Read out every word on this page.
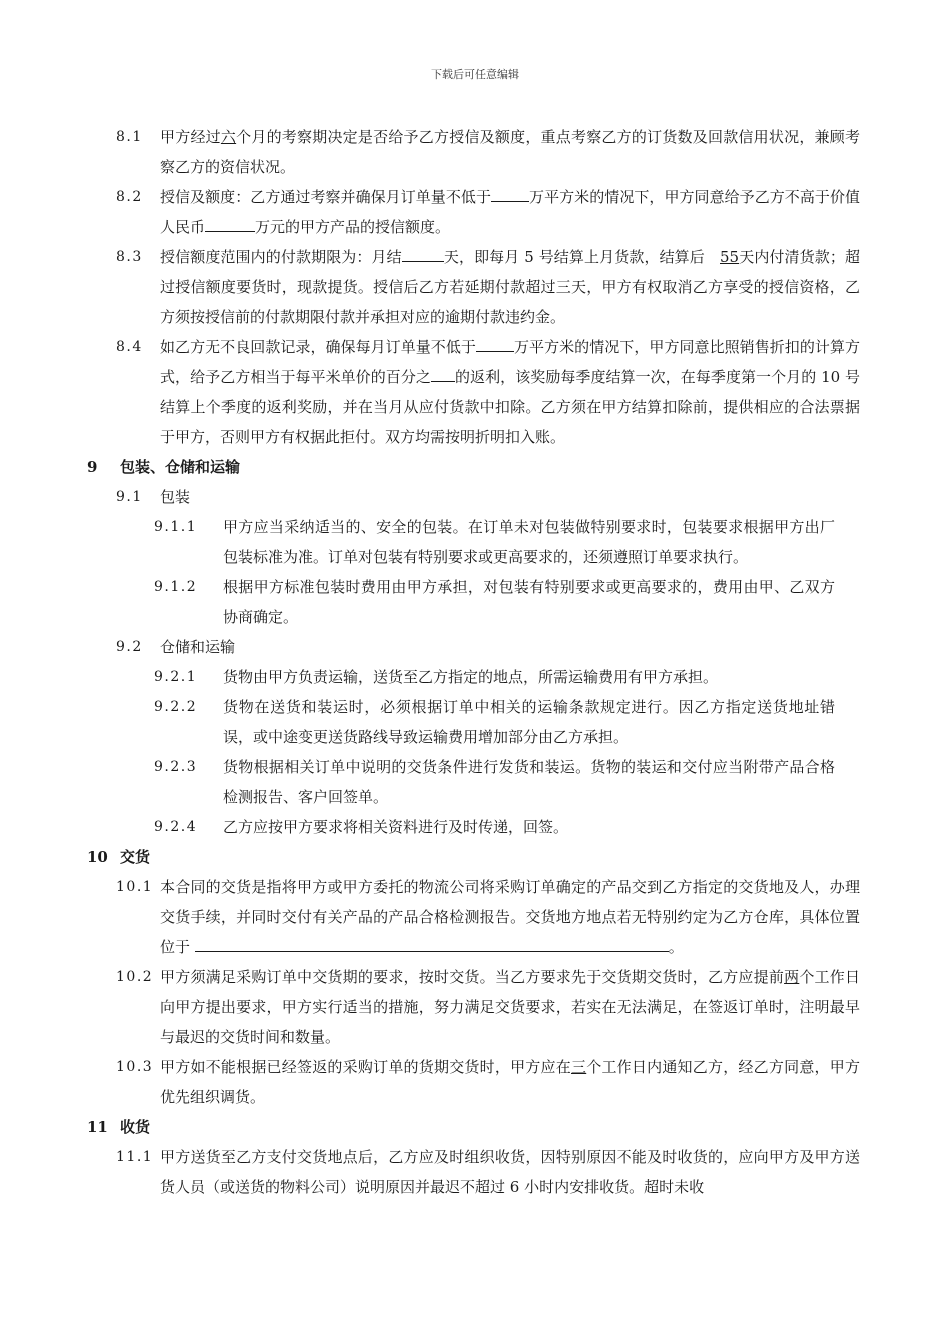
下载后可任意编辑
8.1 甲方经过六个月的考察期决定是否给予乙方授信及额度，重点考察乙方的订货数及回款信用状况，兼顾考察乙方的资信状况。

8.2 授信及额度：乙方通过考察并确保月订单量不低于	万平方米的情况下，甲方同意给予乙方不高于价值人民币	万元的甲方产品的授信额度。

8.3 授信额度范围内的付款期限为：月结	天，即每月 5 号结算上月货款，结算后　55天内付清货款；超过授信额度要货时，现款提货。授信后乙方若延期付款超过三天，甲方有权取消乙方享受的授信资格，乙方须按授信前的付款期限付款并承担对应的逾期付款违约金。

8.4 如乙方无不良回款记录，确保每月订单量不低于	万平方米的情况下，甲方同意比照销售折扣的计算方式，给予乙方相当于每平米单价的百分之 的返利，该奖励每季度结算一次，在每季度第一个月的 10 号结算上个季度的返利奖励，并在当月从应付货款中扣除。乙方须在甲方结算扣除前，提供相应的合法票据于甲方，否则甲方有权据此拒付。双方均需按明折明扣入账。

9 包装、仓储和运输
9.1 包装
9.1.1 甲方应当采纳适当的、安全的包装。在订单未对包装做特别要求时，包装要求根据甲方出厂包装标准为准。订单对包装有特别要求或更高要求的，还须遵照订单要求执行。

9.1.2 根据甲方标准包装时费用由甲方承担，对包装有特别要求或更高要求的，费用由甲、乙双方协商确定。

9.2 仓储和运输
9.2.1 货物由甲方负责运输，送货至乙方指定的地点，所需运输费用有甲方承担。

9.2.2 货物在送货和装运时，必须根据订单中相关的运输条款规定进行。因乙方指定送货地址错误，或中途变更送货路线导致运输费用增加部分由乙方承担。

9.2.3 货物根据相关订单中说明的交货条件进行发货和装运。货物的装运和交付应当附带产品合格检测报告、客户回签单。

9.2.4 乙方应按甲方要求将相关资料进行及时传递，回签。

10 交货
10.1 本合同的交货是指将甲方或甲方委托的物流公司将采购订单确定的产品交到乙方指定的交货地及人，办理交货手续，并同时交付有关产品的产品合格检测报告。交货地方地点若无特别约定为乙方仓库，具体位置位于	。

10.2 甲方须满足采购订单中交货期的要求，按时交货。当乙方要求先于交货期交货时，乙方应提前两个工作日向甲方提出要求，甲方实行适当的措施，努力满足交货要求，若实在无法满足，在签返订单时，注明最早与最迟的交货时间和数量。

10.3 甲方如不能根据已经签返的采购订单的货期交货时，甲方应在三个工作日内通知乙方，经乙方同意，甲方优先组织调货。

11 收货
11.1 甲方送货至乙方支付交货地点后，乙方应及时组织收货，因特别原因不能及时收货的，应向甲方及甲方送货人员（或送货的物料公司）说明原因并最迟不超过 6 小时内安排收货。超时未收
